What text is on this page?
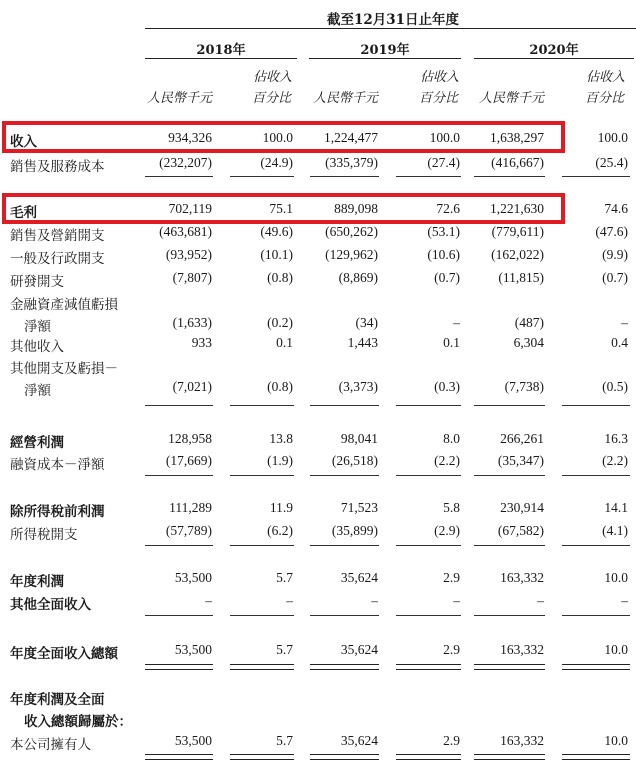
截至12月31日止年度
2018年	2019年	2020年
佔收入
人民幣千元	百分比
佔收入
人民幣千元	百分比
佔收入
人民幣千元	百分比
收入	934,326	100.0	1,224,477	100.0	1,638,297	100.0
銷售及服務成本	(232,207)	(24.9)	(335,379)	(27.4)	(416,667)	(25.4)
毛利	702,119	75.1	889,098	72.6	1,221,630	74.6
銷售及營銷開支	(463,681)	(49.6)	(650,262)	(53.1)	(779,611)	(47.6)
一般及行政開支	(93,952)	(10.1)	(129,962)	(10.6)	(162,022)	(9.9)
研發開支	(7,807)	(0.8)	(8,869)	(0.7)	(11,815)	(0.7)
金融資產減值虧損
淨額	(1,633)	(0.2)	(34)	–	(487)	–
其他收入	933	0.1	1,443	0.1	6,304	0.4
其他開支及虧損－
淨額	(7,021)	(0.8)	(3,373)	(0.3)	(7,738)	(0.5)
經營利潤	128,958	13.8	98,041	8.0	266,261	16.3
融資成本－淨額	(17,669)	(1.9)	(26,518)	(2.2)	(35,347)	(2.2)
除所得稅前利潤	111,289	11.9	71,523	5.8	230,914	14.1
所得稅開支	(57,789)	(6.2)	(35,899)	(2.9)	(67,582)	(4.1)
年度利潤	53,500	5.7	35,624	2.9	163,332	10.0
其他全面收入	–	–	–	–	–	–
年度全面收入總額	53,500	5.7	35,624	2.9	163,332	10.0
年度利潤及全面
收入總額歸屬於：
本公司擁有人	53,500	5.7	35,624	2.9	163,332	10.0
